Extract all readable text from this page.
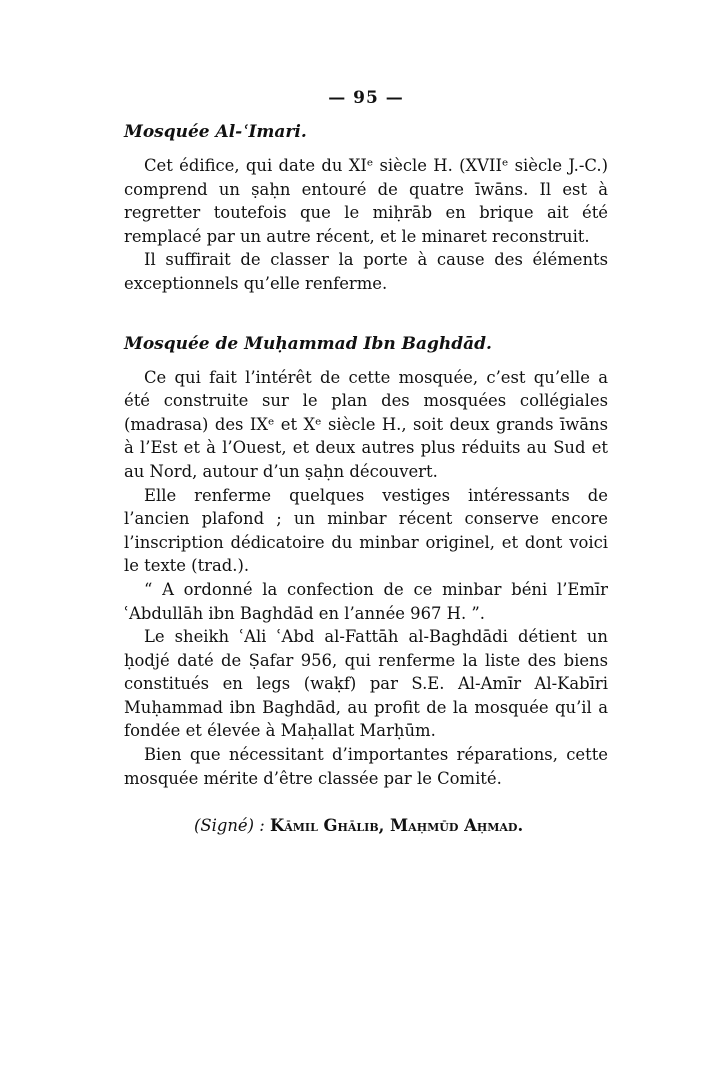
— 95 —
Mosquée Al-ʿImari.

Cet édifice, qui date du XIᵉ siècle H. (XVIIᵉ siècle J.-C.) comprend un ṣaḥn entouré de quatre īwāns. Il est à regretter toutefois que le miḥrāb en brique ait été remplacé par un autre récent, et le minaret reconstruit.

Il suffirait de classer la porte à cause des éléments exceptionnels qu’elle renferme.

Mosquée de Muḥammad Ibn Baghdād.

Ce qui fait l’intérêt de cette mosquée, c’est qu’elle a été construite sur le plan des mosquées collégiales (madrasa) des IXᵉ et Xᵉ siècle H., soit deux grands īwāns à l’Est et à l’Ouest, et deux autres plus réduits au Sud et au Nord, autour d’un ṣaḥn découvert.

Elle renferme quelques vestiges intéressants de l’ancien plafond ; un minbar récent conserve encore l’inscription dédicatoire du minbar originel, et dont voici le texte (trad.).

“ A ordonné la confection de ce minbar béni l’Emīr ʿAbdullāh ibn Baghdād en l’année 967 H. ”.

Le sheikh ʿAli ʿAbd al-Fattāh al-Baghdādi détient un ḥodjé daté de Ṣafar 956, qui renferme la liste des biens constitués en legs (waḳf) par S.E. Al-Amīr Al-Kabīri Muḥammad ibn Baghdād, au profit de la mosquée qu’il a fondée et élevée à Maḥallat Marḥūm.

Bien que nécessitant d’importantes réparations, cette mosquée mérite d’être classée par le Comité.

(Signé) : Kāmil Ghālib, Maḥmūd Aḥmad.
